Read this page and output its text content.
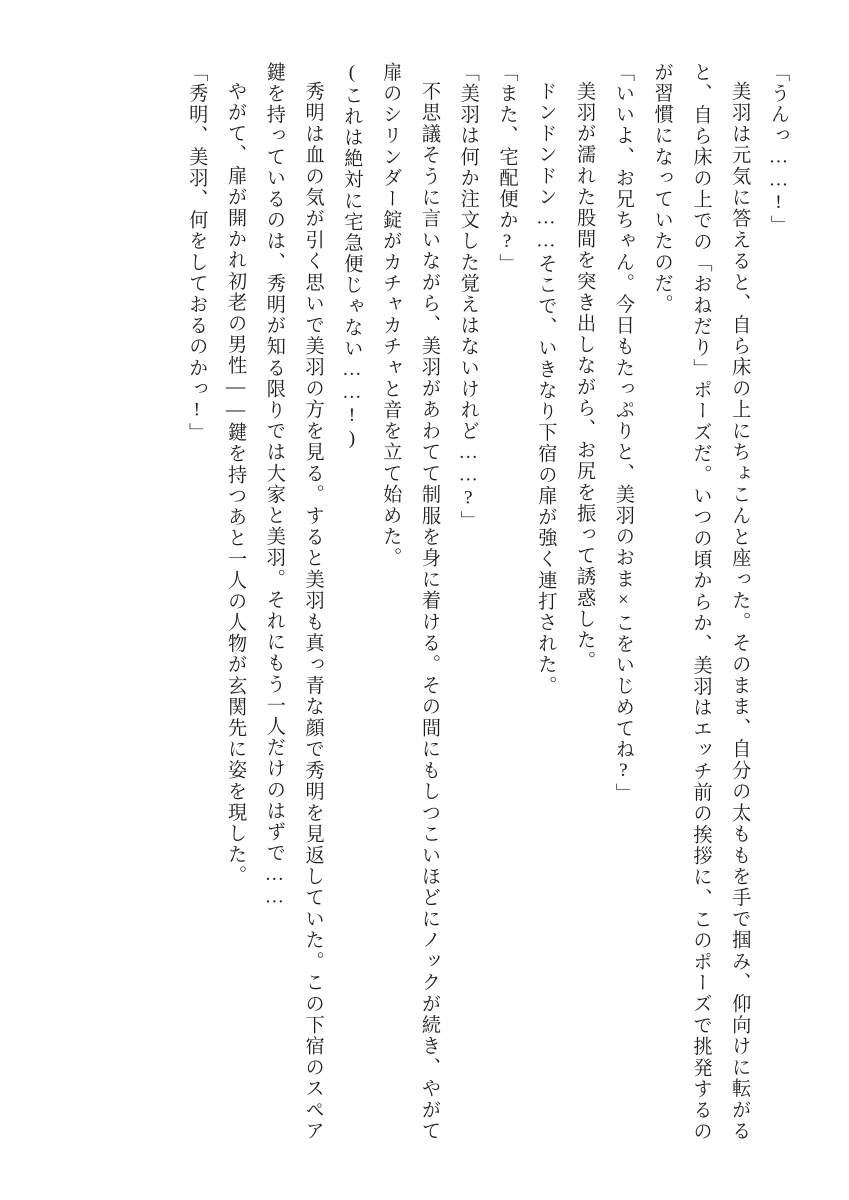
「うんっ……!」

美羽は元気に答えると、自ら床の上にちょこんと座った。そのまま、自分の太ももを手で掴み、仰向けに転がると、自ら床の上での「おねだり」ポーズだ。いつの頃からか、美羽はエッチ前の挨拶に、このポーズで挑発するのが習慣になっていたのだ。

「いいよ、お兄ちゃん。今日もたっぷりと、美羽のおま×こをいじめてね?」

美羽が濡れた股間を突き出しながら、お尻を振って誘惑した。

ドンドンドン……そこで、いきなり下宿の扉が強く連打された。

「また、宅配便か?」

「美羽は何か注文した覚えはないけれど……?」

不思議そうに言いながら、美羽があわてて制服を身に着ける。その間にもしつこいほどにノックが続き、やがて扉のシリンダー錠がカチャカチャと音を立て始めた。

(これは絶対に宅急便じゃない……!)

秀明は血の気が引く思いで美羽の方を見る。すると美羽も真っ青な顔で秀明を見返していた。この下宿のスペア鍵を持っているのは、秀明が知る限りでは大家と美羽。それにもう一人だけのはずで……

やがて、扉が開かれ初老の男性――鍵を持つあと一人の人物が玄関先に姿を現した。

「秀明、美羽、何をしておるのかっ!」
